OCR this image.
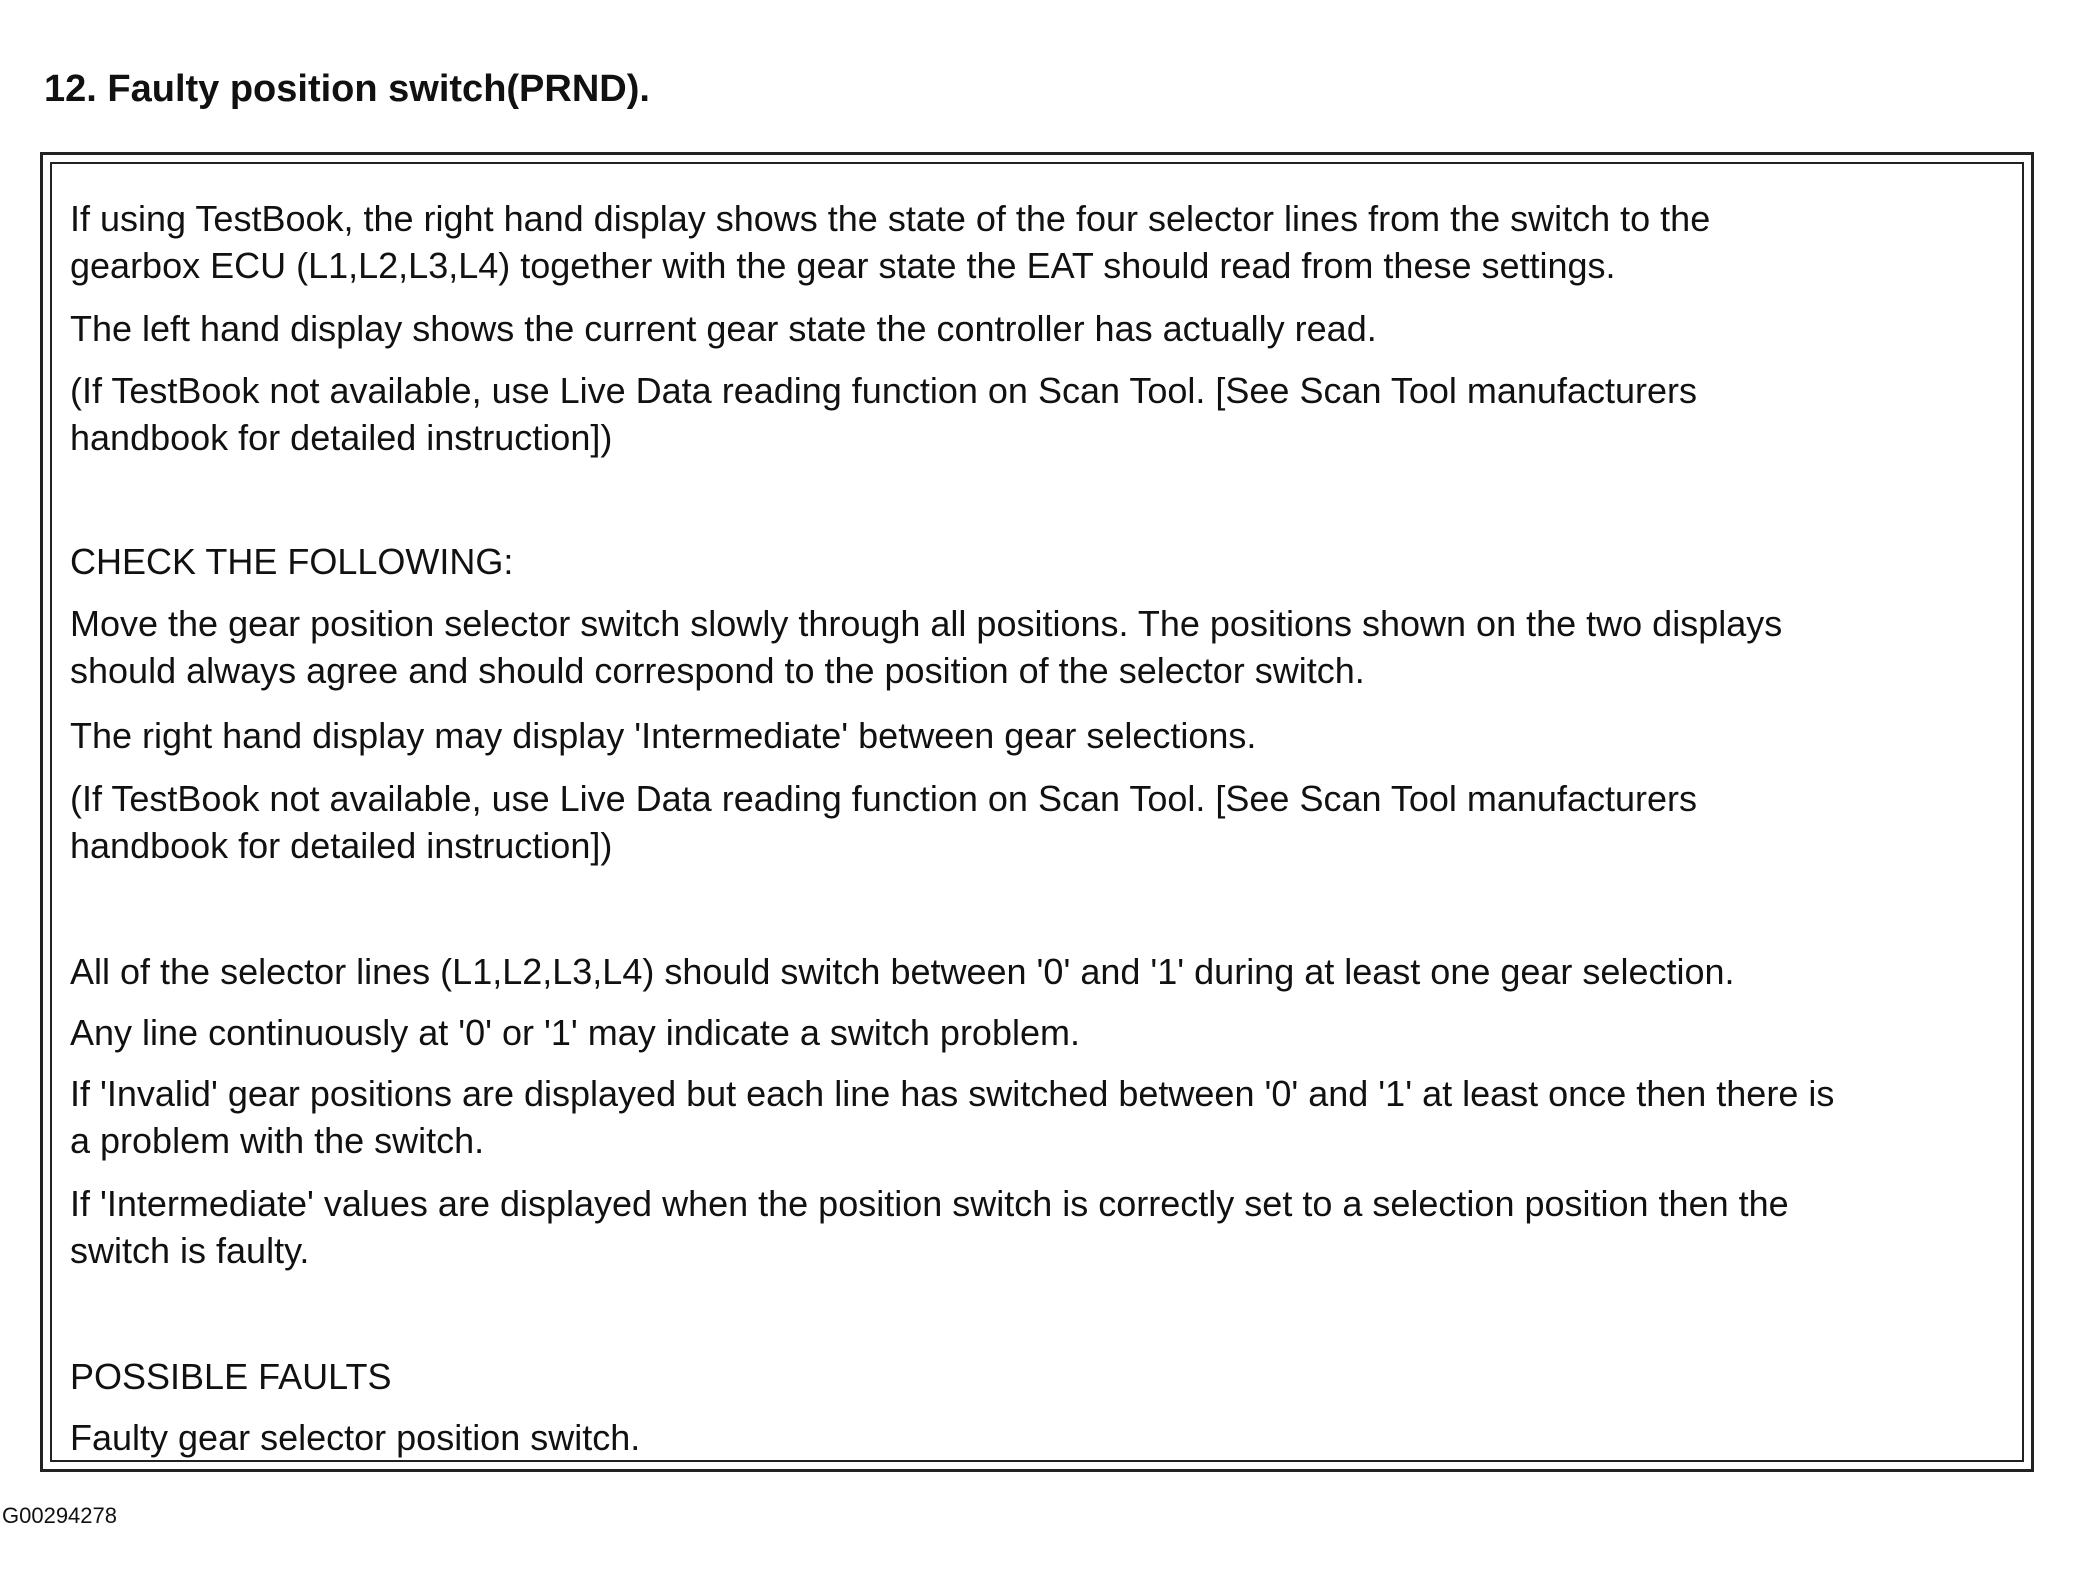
12. Faulty position switch(PRND).

If using TestBook, the right hand display shows the state of the four selector lines from the switch to the
gearbox ECU (L1,L2,L3,L4) together with the gear state the EAT should read from these settings.

The left hand display shows the current gear state the controller has actually read.

(If TestBook not available, use Live Data reading function on Scan Tool. [See Scan Tool manufacturers
handbook for detailed instruction])

CHECK THE FOLLOWING:

Move the gear position selector switch slowly through all positions. The positions shown on the two displays
should always agree and should correspond to the position of the selector switch.

The right hand display may display 'Intermediate' between gear selections.

(If TestBook not available, use Live Data reading function on Scan Tool. [See Scan Tool manufacturers
handbook for detailed instruction])

All of the selector lines (L1,L2,L3,L4) should switch between '0' and '1' during at least one gear selection.

Any line continuously at '0' or '1' may indicate a switch problem.

If 'Invalid' gear positions are displayed but each line has switched between '0' and '1' at least once then there is
a problem with the switch.

If 'Intermediate' values are displayed when the position switch is correctly set to a selection position then the
switch is faulty.

POSSIBLE FAULTS

Faulty gear selector position switch.

G00294278
